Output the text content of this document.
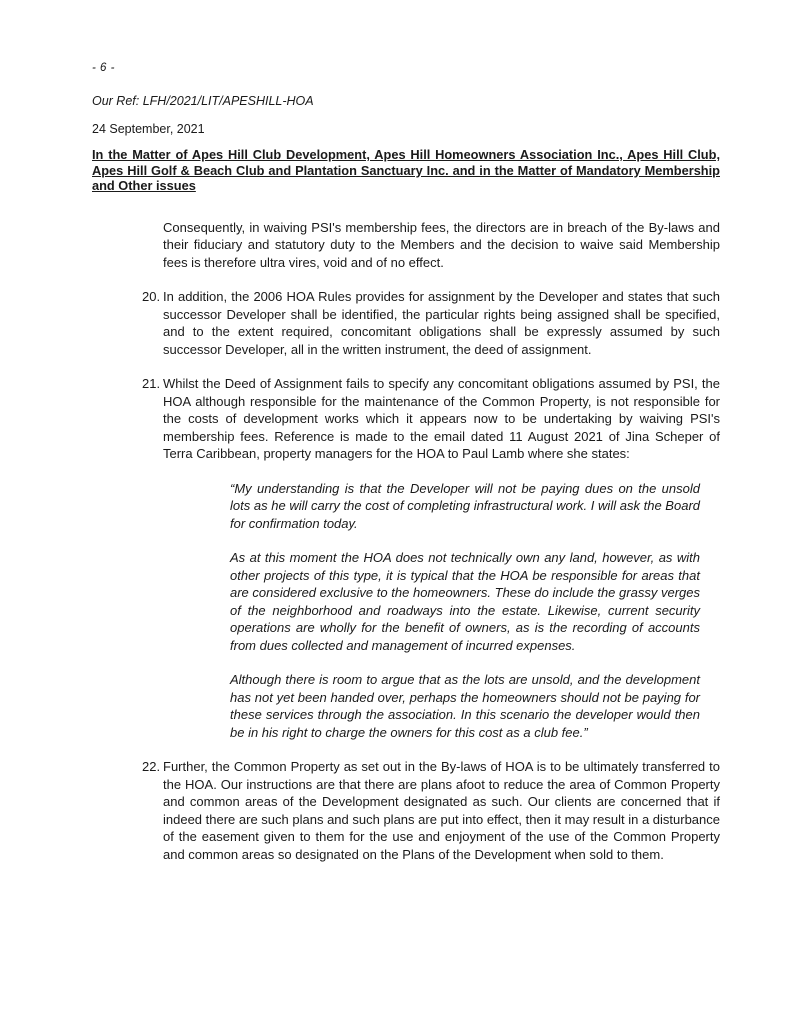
- 6 -
Our Ref: LFH/2021/LIT/APESHILL-HOA
24 September, 2021
In the Matter of Apes Hill Club Development, Apes Hill Homeowners Association Inc., Apes Hill Club, Apes Hill Golf & Beach Club and Plantation Sanctuary Inc. and in the Matter of Mandatory Membership and Other issues

Consequently, in waiving PSI's membership fees, the directors are in breach of the By-laws and their fiduciary and statutory duty to the Members and the decision to waive said Membership fees is therefore ultra vires, void and of no effect.

20. In addition, the 2006 HOA Rules provides for assignment by the Developer and states that such successor Developer shall be identified, the particular rights being assigned shall be specified, and to the extent required, concomitant obligations shall be expressly assumed by such successor Developer, all in the written instrument, the deed of assignment.
21. Whilst the Deed of Assignment fails to specify any concomitant obligations assumed by PSI, the HOA although responsible for the maintenance of the Common Property, is not responsible for the costs of development works which it appears now to be undertaking by waiving PSI's membership fees. Reference is made to the email dated 11 August 2021 of Jina Scheper of Terra Caribbean, property managers for the HOA to Paul Lamb where she states:

“My understanding is that the Developer will not be paying dues on the unsold lots as he will carry the cost of completing infrastructural work. I will ask the Board for confirmation today.

As at this moment the HOA does not technically own any land, however, as with other projects of this type, it is typical that the HOA be responsible for areas that are considered exclusive to the homeowners. These do include the grassy verges of the neighborhood and roadways into the estate. Likewise, current security operations are wholly for the benefit of owners, as is the recording of accounts from dues collected and management of incurred expenses.

Although there is room to argue that as the lots are unsold, and the development has not yet been handed over, perhaps the homeowners should not be paying for these services through the association. In this scenario the developer would then be in his right to charge the owners for this cost as a club fee.”

22. Further, the Common Property as set out in the By-laws of HOA is to be ultimately transferred to the HOA. Our instructions are that there are plans afoot to reduce the area of Common Property and common areas of the Development designated as such. Our clients are concerned that if indeed there are such plans and such plans are put into effect, then it may result in a disturbance of the easement given to them for the use and enjoyment of the use of the Common Property and common areas so designated on the Plans of the Development when sold to them.
